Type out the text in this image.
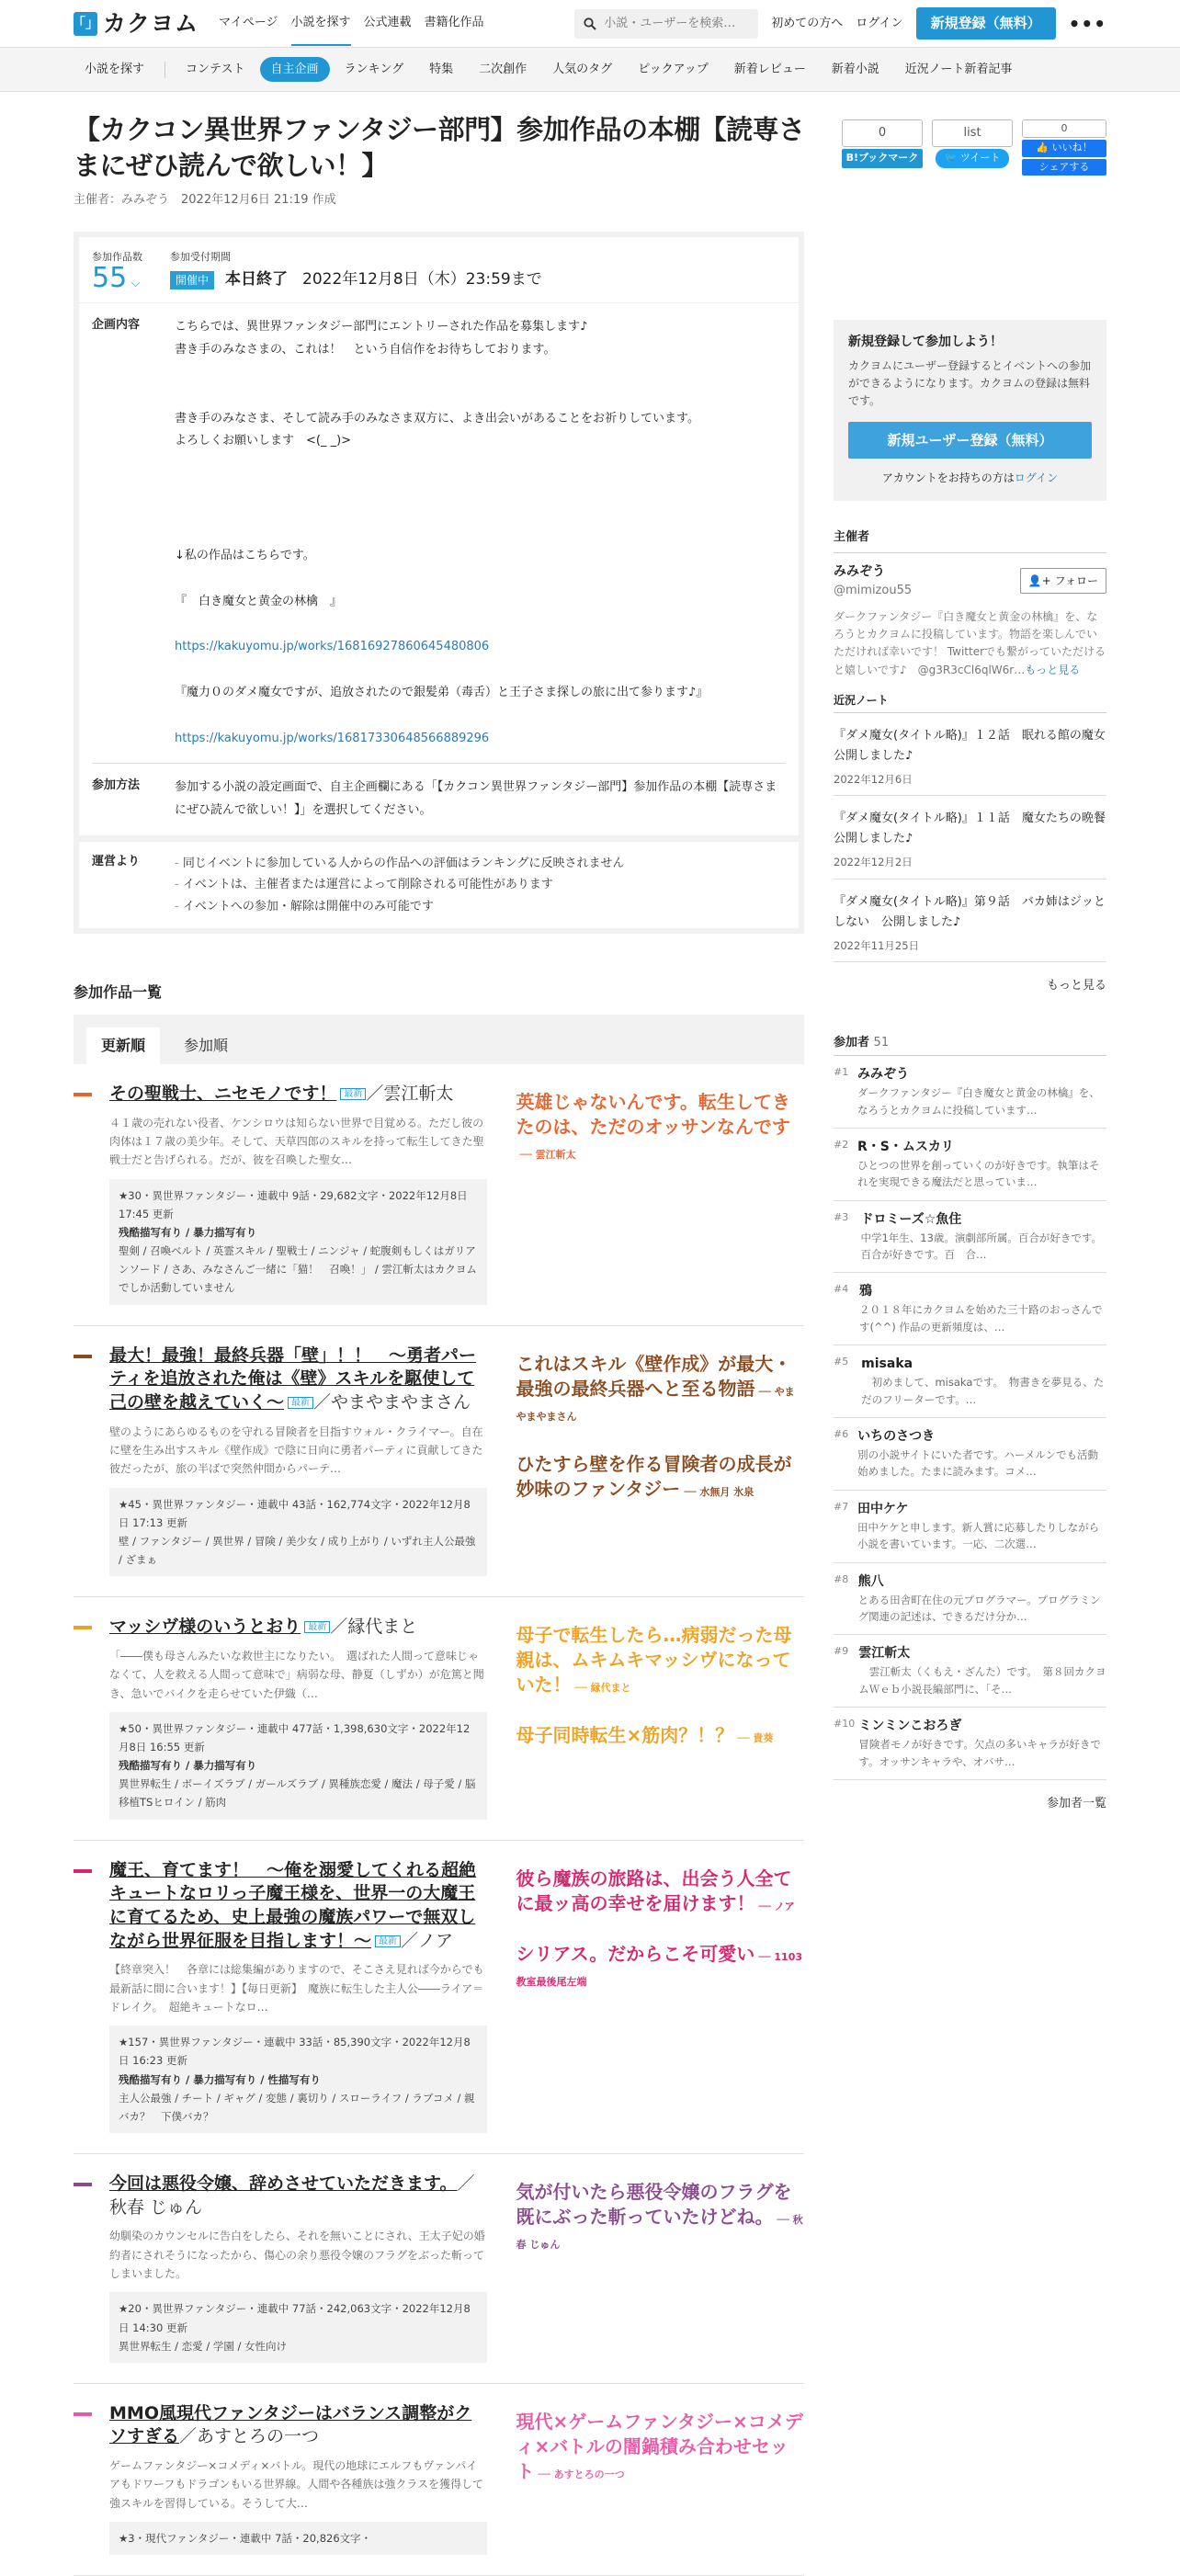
「」 カクヨム マイページ 小説を探す 公式連載 書籍化作品
小説・ユーザーを検索…	初めての方へ ログイン	新規登録（無料）	•••
小説を探す	コンテスト	自主企画	ランキング	特集	二次創作	人気のタグ	ピックアップ	新着レビュー	新着小説	近況ノート新着記事
【カクコン異世界ファンタジー部門】参加作品の本棚【読専さまにぜひ読んで欲しい！】
主催者：みみぞう　2022年12月6日 21:19 作成
参加作品数
55 ⌵
参加受付期間
開催中 本日終了 2022年12月8日（木）23:59まで
企画内容	こちらでは、異世界ファンタジー部門にエントリーされた作品を募集します♪
書き手のみなさまの、これは！　という自信作をお待ちしております。
書き手のみなさま、そして読み手のみなさま双方に、よき出会いがあることをお祈りしています。
よろしくお願いします　<(_ _)>
↓私の作品はこちらです。
『　白き魔女と黄金の林檎　』
https://kakuyomu.jp/works/16816927860645480806
『魔力０のダメ魔女ですが、追放されたので銀髪弟（毒舌）と王子さま探しの旅に出て参ります♪』
https://kakuyomu.jp/works/16817330648566889296
参加方法	参加する小説の設定画面で、自主企画欄にある「【カクコン異世界ファンタジー部門】参加作品の本棚【読専さまにぜひ読んで欲しい！】」を選択してください。
運営より
-	同じイベントに参加している人からの作品への評価はランキングに反映されません
- イベントは、主催者または運営によって削除される可能性があります
- イベントへの参加・解除は開催中のみ可能です
参加作品一覧
更新順	参加順
その聖戦士、ニセモノです！ 最新 ／雲江斬太
４１歳の売れない役者、ケンシロウは知らない世界で目覚める。ただし彼の肉体は１７歳の美少年。そして、天草四郎のスキルを持って転生してきた聖戦士だと告げられる。だが、彼を召喚した聖女…
★30・異世界ファンタジー・連載中 9話・29,682文字・2022年12月8日 17:45 更新
残酷描写有り / 暴力描写有り
聖剣 / 召喚ベルト / 英霊スキル / 聖戦士 / ニンジャ / 蛇腹剣もしくはガリアンソード / さあ、みなさんご一緒に「猫！　召喚！」 / 雲江斬太はカクヨムでしか活動していません
英雄じゃないんです。転生してきたのは、ただのオッサンなんです── 雲江斬太
最大！最強！最終兵器「壁」！！　～勇者パーティを追放された俺は《壁》スキルを駆使して己の壁を越えていく～ 最新 ／やまやまやまさん
壁のようにあらゆるものを守れる冒険者を目指すウォル・クライマー。自在に壁を生み出すスキル《壁作成》で陰に日向に勇者パーティに貢献してきた彼だったが、旅の半ばで突然仲間からパーテ…
★45・異世界ファンタジー・連載中 43話・162,774文字・2022年12月8日 17:13 更新
壁 / ファンタジー / 異世界 / 冒険 / 美少女 / 成り上がり / いずれ主人公最強 / ざまぁ
これはスキル《壁作成》が最大・最強の最終兵器へと至る物語 ── やまやまやまさん
ひたすら壁を作る冒険者の成長が妙味のファンタジー ── 水無月 氷泉
マッシヴ様のいうとおり 最新 ／縁代まと
「――僕も母さんみたいな救世主になりたい。　選ばれた人間って意味じゃなくて、人を救える人間って意味で」病弱な母、静夏（しずか）が危篤と聞き、急いでバイクを走らせていた伊織（…
★50・異世界ファンタジー・連載中 477話・1,398,630文字・2022年12月8日 16:55 更新
残酷描写有り / 暴力描写有り
異世界転生 / ボーイズラブ / ガールズラブ / 異種族恋愛 / 魔法 / 母子愛 / 脳移植TSヒロイン / 筋肉
母子で転生したら…病弱だった母親は、ムキムキマッシヴになっていた！ ── 縁代まと
母子同時転生×筋肉？！？ ── 貴葵
魔王、育てます！　～俺を溺愛してくれる超絶キュートなロリっ子魔王様を、世界一の大魔王に育てるため、史上最強の魔族パワーで無双しながら世界征服を目指します！～ 最新 ／ノア
【終章突入！　各章には総集編がありますので、そこさえ見れば今からでも最新話に間に合います！】【毎日更新】　魔族に転生した主人公――ライア＝ドレイク。　超絶キュートなロ…
★157・異世界ファンタジー・連載中 33話・85,390文字・2022年12月8日 16:23 更新
残酷描写有り / 暴力描写有り / 性描写有り
主人公最強 / チート / ギャグ / 変態 / 裏切り / スローライフ / ラブコメ / 親バカ？　下僕バカ？
彼ら魔族の旅路は、出会う人全てに最ッ高の幸せを届けます！ ── ノア
シリアス。だからこそ可愛い ── 1103教室最後尾左端
今回は悪役令嬢、辞めさせていただきます。／秋春 じゅん
幼馴染のカウンセルに告白をしたら、それを無いことにされ、王太子妃の婚約者にされそうになったから、傷心の余り悪役令嬢のフラグをぶった斬ってしまいました。
★20・異世界ファンタジー・連載中 77話・242,063文字・2022年12月8日 14:30 更新
異世界転生 / 恋愛 / 学園 / 女性向け
気が付いたら悪役令嬢のフラグを既にぶった斬っていたけどね。 ── 秋春 じゅん
MMO風現代ファンタジーはバランス調整がクソすぎる／あすとろの一つ
ゲームファンタジー×コメディ×バトル。現代の地球にエルフもヴァンパイアもドワーフもドラゴンもいる世界線。人間や各種族は強クラスを獲得して強スキルを習得している。そうして大…
★3・現代ファンタジー・連載中 7話・20,826文字・
現代×ゲームファンタジー×コメディ×バトルの闇鍋積み合わせセット ── あすとろの一つ
0
B!ブックマーク
list
🐦 ツイート
0
👍 いいね！
シェアする
新規登録して参加しよう！

カクヨムにユーザー登録するとイベントへの参加ができるようになります。カクヨムの登録は無料です。

新規ユーザー登録（無料）
アカウントをお持ちの方はログイン
主催者
みみぞう
@mimizou55
👤+ フォロー
ダークファンタジー『白き魔女と黄金の林檎』を、なろうとカクヨムに投稿しています。物語を楽しんでいただければ幸いです！ Twitterでも繋がっていただけると嬉しいです♪　@g3R3cCl6qlW6r…もっと見る
近況ノート
『ダメ魔女(タイトル略)』１２話　眠れる館の魔女　公開しました♪
2022年12月6日
『ダメ魔女(タイトル略)』１１話　魔女たちの晩餐　公開しました♪
2022年12月2日
『ダメ魔女(タイトル略)』第９話　バカ姉はジッとしない　公開しました♪
2022年11月25日
もっと見る
参加者 51
#1 みみぞう
ダークファンタジー『白き魔女と黄金の林檎』を、なろうとカクヨムに投稿しています…
#2 R・S・ムスカリ
ひとつの世界を創っていくのが好きです。執筆はそれを実現できる魔法だと思っていま…
#3 ドロミーズ☆魚住
中学1年生、13歳。演劇部所属。百合が好きです。百合が好きです。百　合…
#4 鴉
２０１８年にカクヨムを始めた三十路のおっさんです(^^) 作品の更新頻度は、…
#5 misaka
　初めまして、misakaです。　物書きを夢見る、ただのフリーターです。…
#6 いちのさつき
別の小説サイトにいた者です。ハーメルンでも活動始めました。たまに読みます。コメ…
#7 田中ケケ
田中ケケと申します。新人賞に応募したりしながら小説を書いています。一応、二次選…
#8 熊八
とある田舎町在住の元プログラマー。プログラミング関連の記述は、できるだけ分か…
#9 雲江斬太
　雲江斬太（くもえ・ざんた）です。　第８回カクヨムＷｅｂ小説長編部門に、「そ…
#10 ミンミンこおろぎ
冒険者モノが好きです。欠点の多いキャラが好きです。オッサンキャラや、オバサ…
参加者一覧
